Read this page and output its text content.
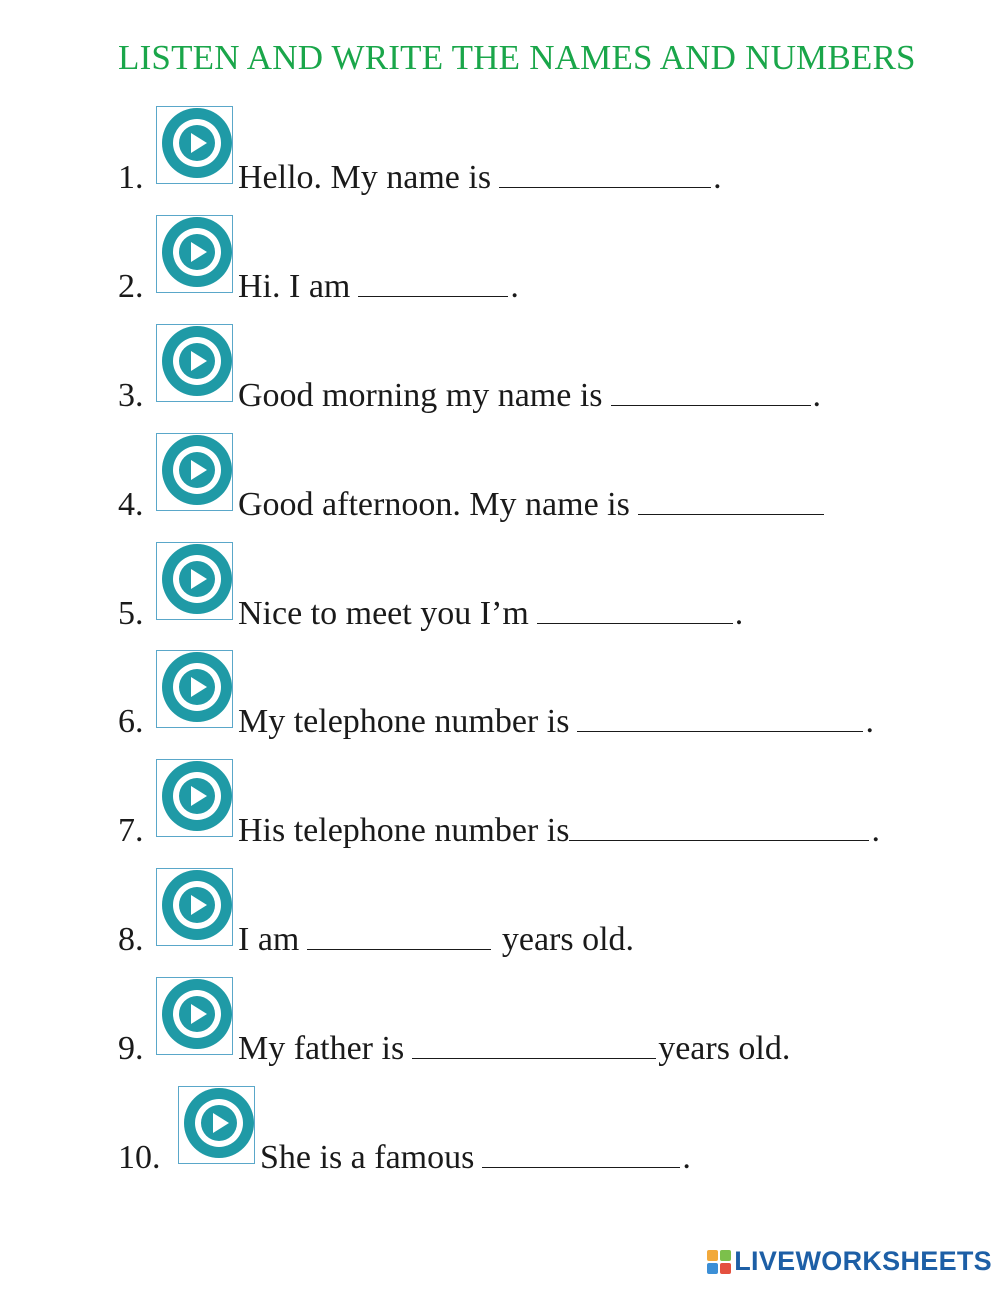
LISTEN AND WRITE THE NAMES AND NUMBERS
1.	Hello. My name is	.
2.	Hi. I am	.
3.	Good morning my name is	.
4.	Good afternoon. My name is
5.	Nice to meet you I’m	.
6.	My telephone number is	.
7.	His telephone number is	.
8.	I am	years old.
9.	My father is	years old.
10.	She is a famous	.
LIVEWORKSHEETS
